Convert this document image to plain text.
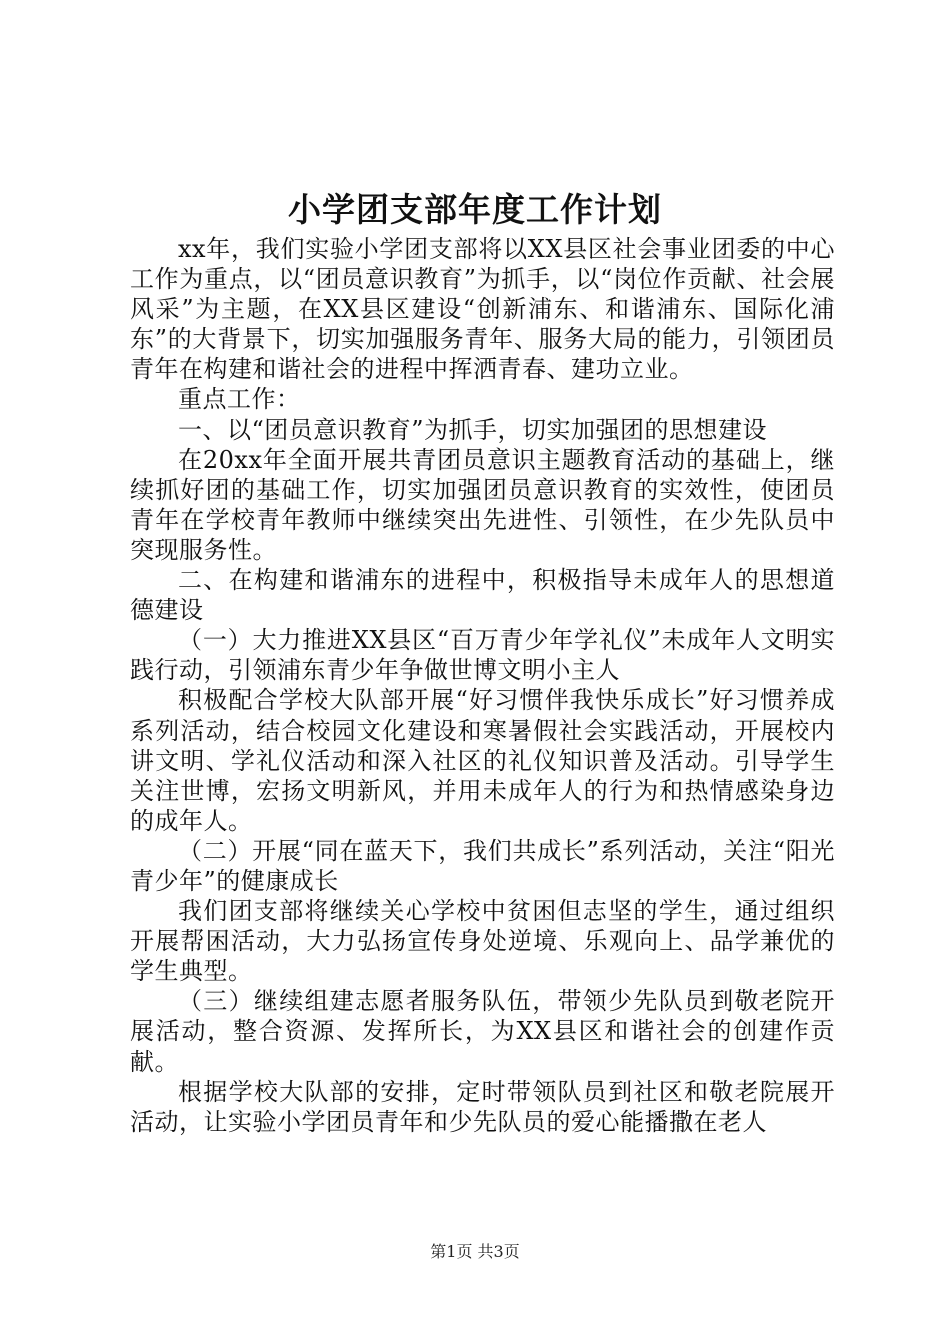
小学团支部年度工作计划

xx年，我们实验小学团支部将以XX县区社会事业团委的中心工作为重点，以“团员意识教育”为抓手，以“岗位作贡献、社会展风采”为主题，在XX县区建设“创新浦东、和谐浦东、国际化浦东”的大背景下，切实加强服务青年、服务大局的能力，引领团员青年在构建和谐社会的进程中挥洒青春、建功立业。

重点工作：

一、以“团员意识教育”为抓手，切实加强团的思想建设

在20xx年全面开展共青团员意识主题教育活动的基础上，继续抓好团的基础工作，切实加强团员意识教育的实效性，使团员青年在学校青年教师中继续突出先进性、引领性，在少先队员中突现服务性。

二、在构建和谐浦东的进程中，积极指导未成年人的思想道德建设

（一）大力推进XX县区“百万青少年学礼仪”未成年人文明实践行动，引领浦东青少年争做世博文明小主人

积极配合学校大队部开展“好习惯伴我快乐成长”好习惯养成系列活动，结合校园文化建设和寒暑假社会实践活动，开展校内讲文明、学礼仪活动和深入社区的礼仪知识普及活动。引导学生关注世博，宏扬文明新风，并用未成年人的行为和热情感染身边的成年人。

（二）开展“同在蓝天下，我们共成长”系列活动，关注“阳光青少年”的健康成长

我们团支部将继续关心学校中贫困但志坚的学生，通过组织开展帮困活动，大力弘扬宣传身处逆境、乐观向上、品学兼优的学生典型。

（三）继续组建志愿者服务队伍，带领少先队员到敬老院开展活动，整合资源、发挥所长，为XX县区和谐社会的创建作贡献。

根据学校大队部的安排，定时带领队员到社区和敬老院展开活动，让实验小学团员青年和少先队员的爱心能播撒在老人

第1页 共3页
